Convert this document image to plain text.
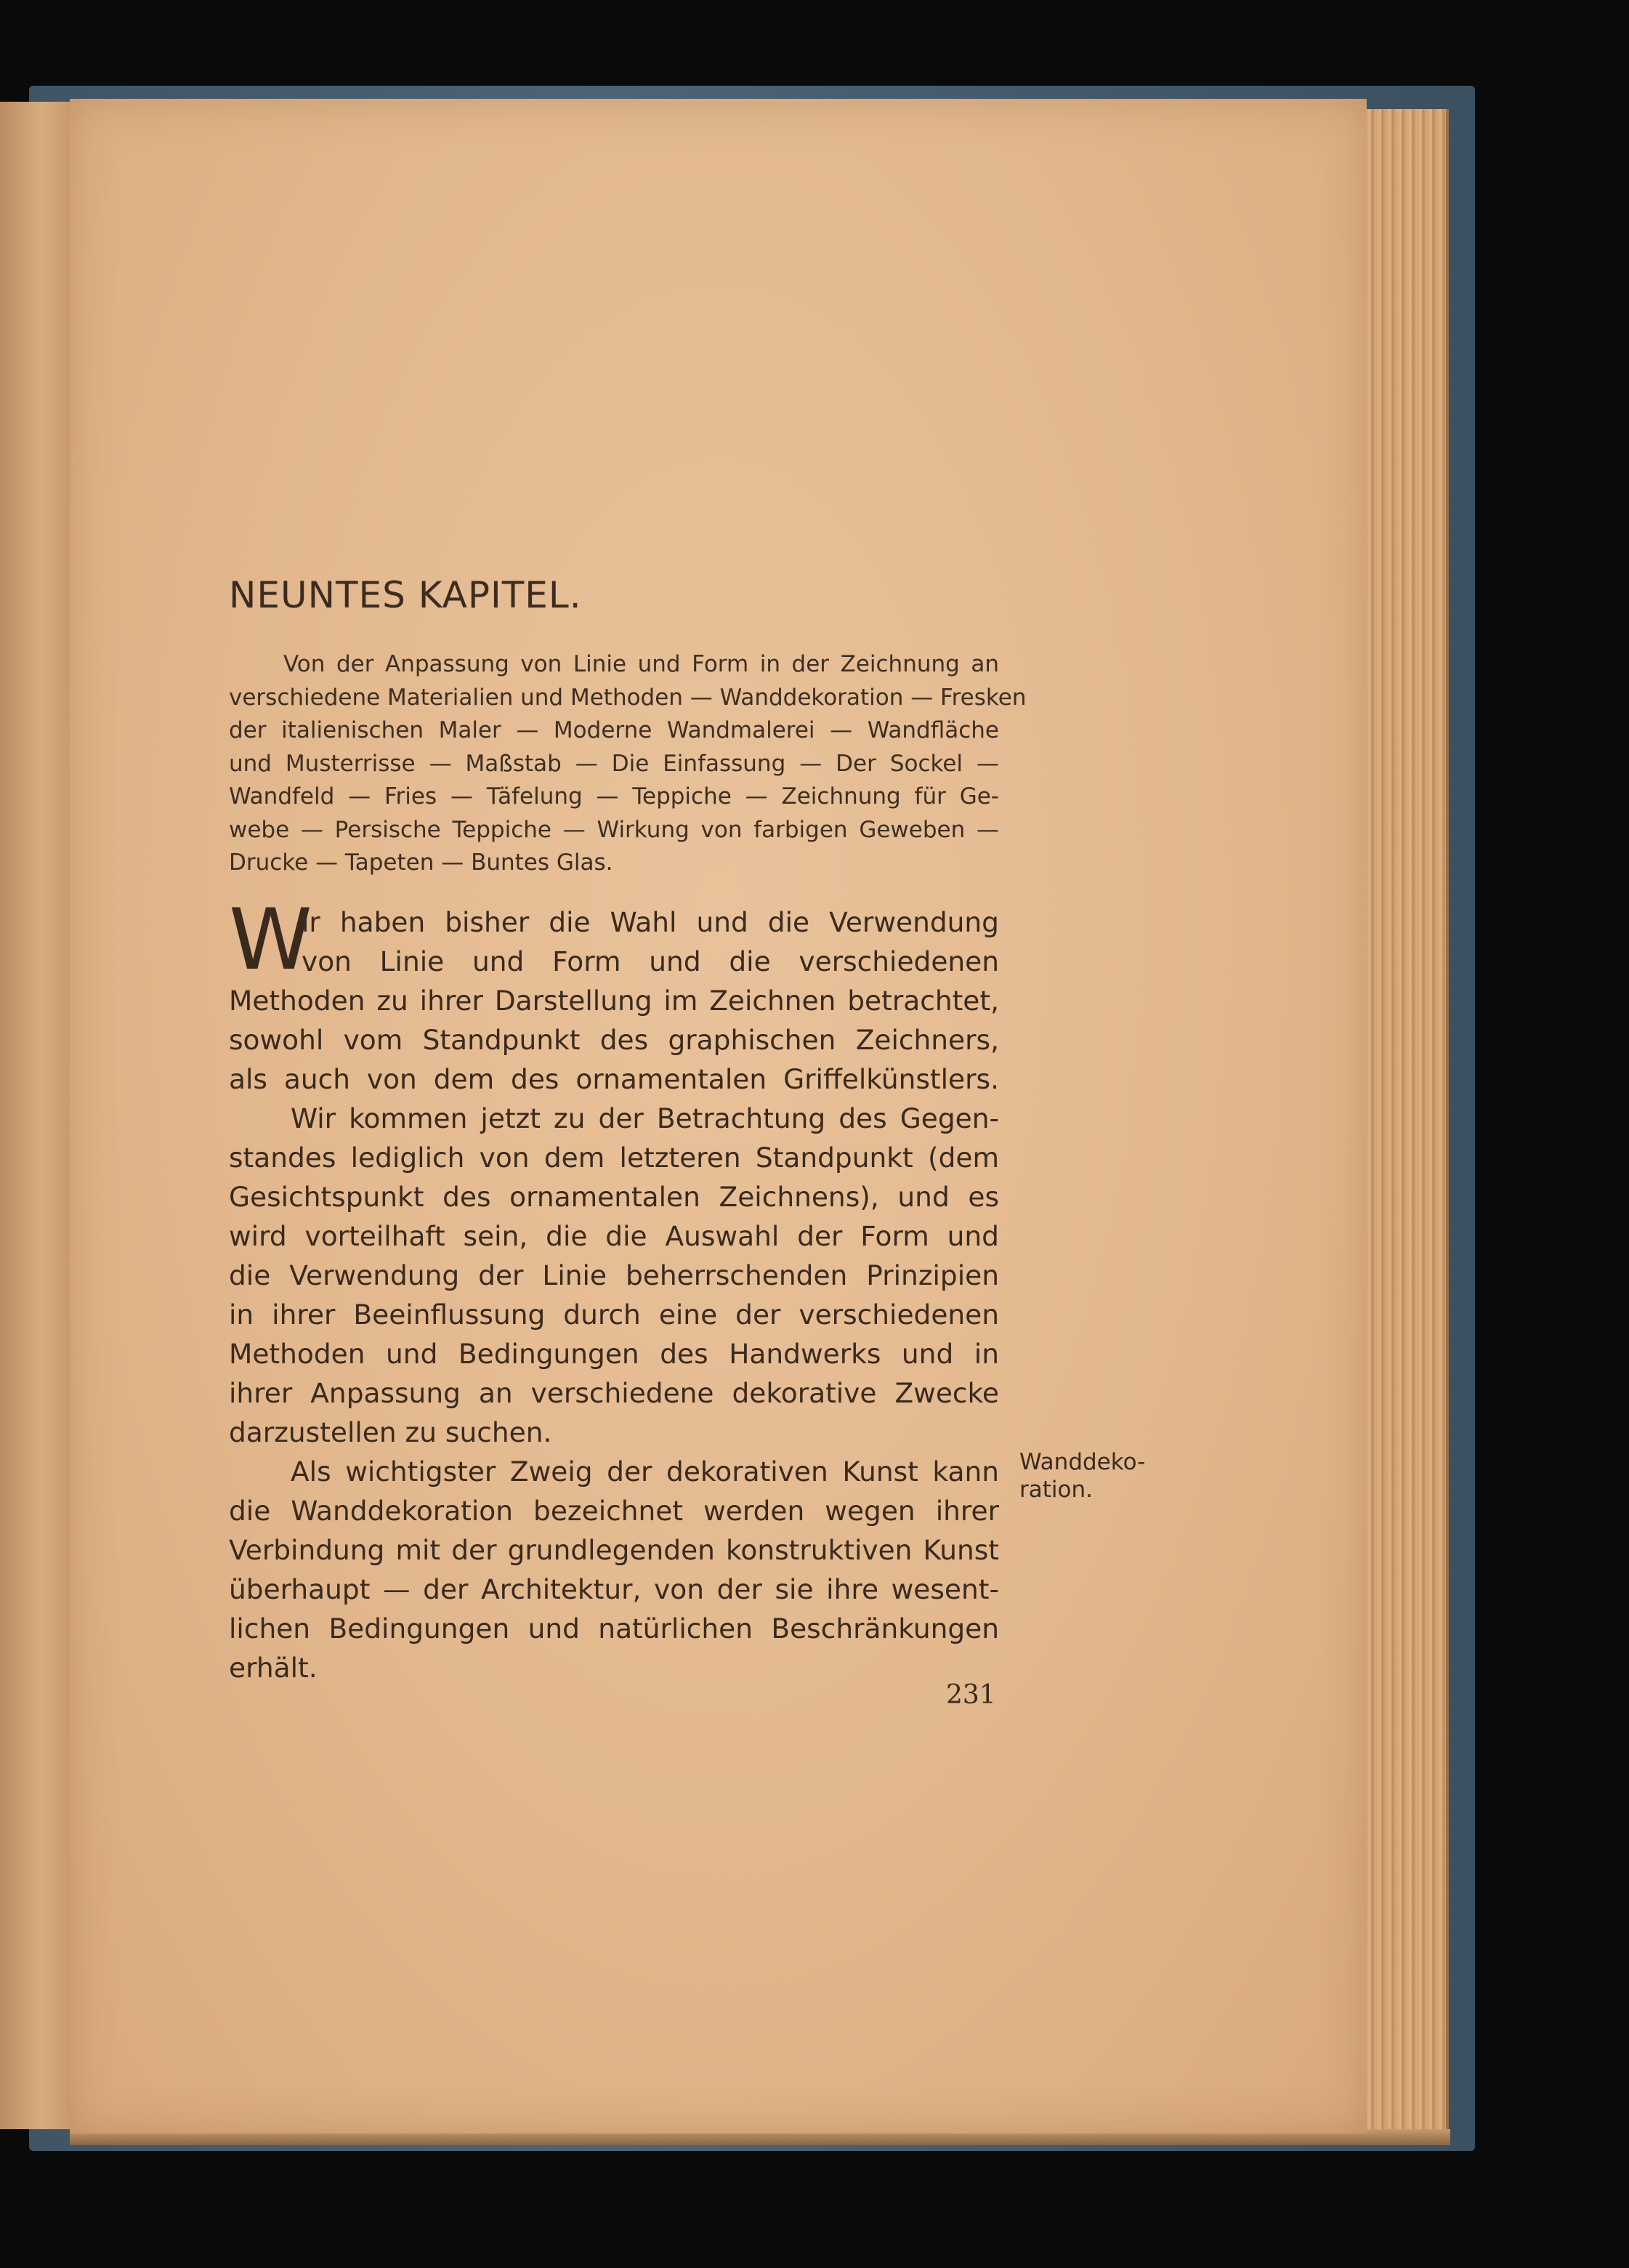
NEUNTES KAPITEL.
Von der Anpassung von Linie und Form in der Zeichnung an
verschiedene Materialien und Methoden — Wanddekoration — Fresken
der italienischen Maler — Moderne Wandmalerei — Wandfläche
und Musterrisse — Maßstab — Die Einfassung — Der Sockel —
Wandfeld — Fries — Täfelung — Teppiche — Zeichnung für Ge-
webe — Persische Teppiche — Wirkung von farbigen Geweben —
Drucke — Tapeten — Buntes Glas.
W
ir haben bisher die Wahl und die Verwendung
von Linie und Form und die verschiedenen
Methoden zu ihrer Darstellung im Zeichnen betrachtet,
sowohl vom Standpunkt des graphischen Zeichners,
als auch von dem des ornamentalen Griffelkünstlers.
Wir kommen jetzt zu der Betrachtung des Gegen-
standes lediglich von dem letzteren Standpunkt (dem
Gesichtspunkt des ornamentalen Zeichnens), und es
wird vorteilhaft sein, die die Auswahl der Form und
die Verwendung der Linie beherrschenden Prinzipien
in ihrer Beeinflussung durch eine der verschiedenen
Methoden und Bedingungen des Handwerks und in
ihrer Anpassung an verschiedene dekorative Zwecke
darzustellen zu suchen.
Als wichtigster Zweig der dekorativen Kunst kann
die Wanddekoration bezeichnet werden wegen ihrer
Verbindung mit der grundlegenden konstruktiven Kunst
überhaupt — der Architektur, von der sie ihre wesent-
lichen Bedingungen und natürlichen Beschränkungen
erhält.
Wanddeko-
ration.
231
